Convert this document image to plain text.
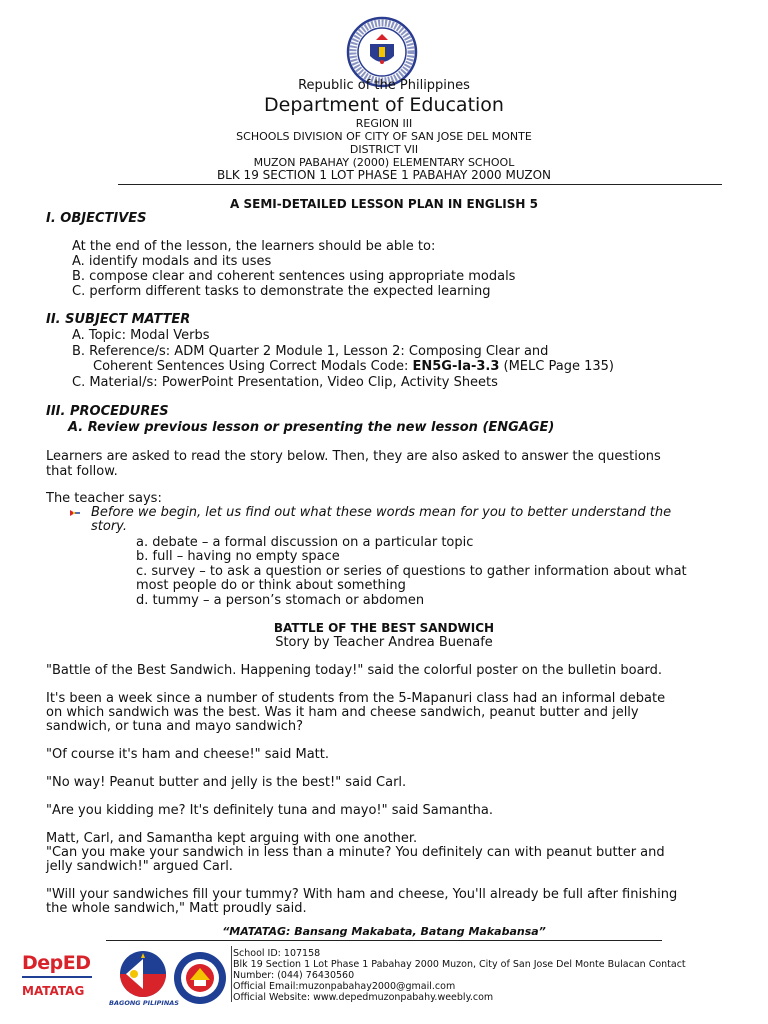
Republic of the Philippines
Department of Education
REGION III
SCHOOLS DIVISION OF CITY OF SAN JOSE DEL MONTE
DISTRICT VII
MUZON PABAHAY (2000) ELEMENTARY SCHOOL
BLK 19 SECTION 1 LOT PHASE 1 PABAHAY 2000 MUZON
A SEMI-DETAILED LESSON PLAN IN ENGLISH 5
I. OBJECTIVES
At the end of the lesson, the learners should be able to:
A. identify modals and its uses
B. compose clear and coherent sentences using appropriate modals
C. perform different tasks to demonstrate the expected learning
II. SUBJECT MATTER
A. Topic: Modal Verbs
B. Reference/s: ADM Quarter 2 Module 1, Lesson 2: Composing Clear and
Coherent Sentences Using Correct Modals Code: EN5G-Ia-3.3 (MELC Page 135)
C. Material/s: PowerPoint Presentation, Video Clip, Activity Sheets
III. PROCEDURES
A. Review previous lesson or presenting the new lesson (ENGAGE)
Learners are asked to read the story below. Then, they are also asked to answer the questions
that follow.
The teacher says:
Before we begin, let us find out what these words mean for you to better understand the
story.
a. debate – a formal discussion on a particular topic
b. full – having no empty space
c. survey – to ask a question or series of questions to gather information about what
most people do or think about something
d. tummy – a person’s stomach or abdomen
BATTLE OF THE BEST SANDWICH
Story by Teacher Andrea Buenafe
"Battle of the Best Sandwich. Happening today!" said the colorful poster on the bulletin board.
It's been a week since a number of students from the 5-Mapanuri class had an informal debate
on which sandwich was the best. Was it ham and cheese sandwich, peanut butter and jelly
sandwich, or tuna and mayo sandwich?
"Of course it's ham and cheese!" said Matt.
"No way! Peanut butter and jelly is the best!" said Carl.
"Are you kidding me? It's definitely tuna and mayo!" said Samantha.
Matt, Carl, and Samantha kept arguing with one another.
"Can you make your sandwich in less than a minute? You definitely can with peanut butter and
jelly sandwich!" argued Carl.
"Will your sandwiches fill your tummy? With ham and cheese, You'll already be full after finishing
the whole sandwich," Matt proudly said.
“MATATAG: Bansang Makabata, Batang Makabansa”
DepED
MATATAG
BAGONG PILIPINAS
School ID: 107158
Blk 19 Section 1 Lot Phase 1 Pabahay 2000 Muzon, City of San Jose Del Monte Bulacan Contact
Number: (044) 76430560
Official Email:muzonpabahay2000@gmail.com
Official Website: www.depedmuzonpabahy.weebly.com
